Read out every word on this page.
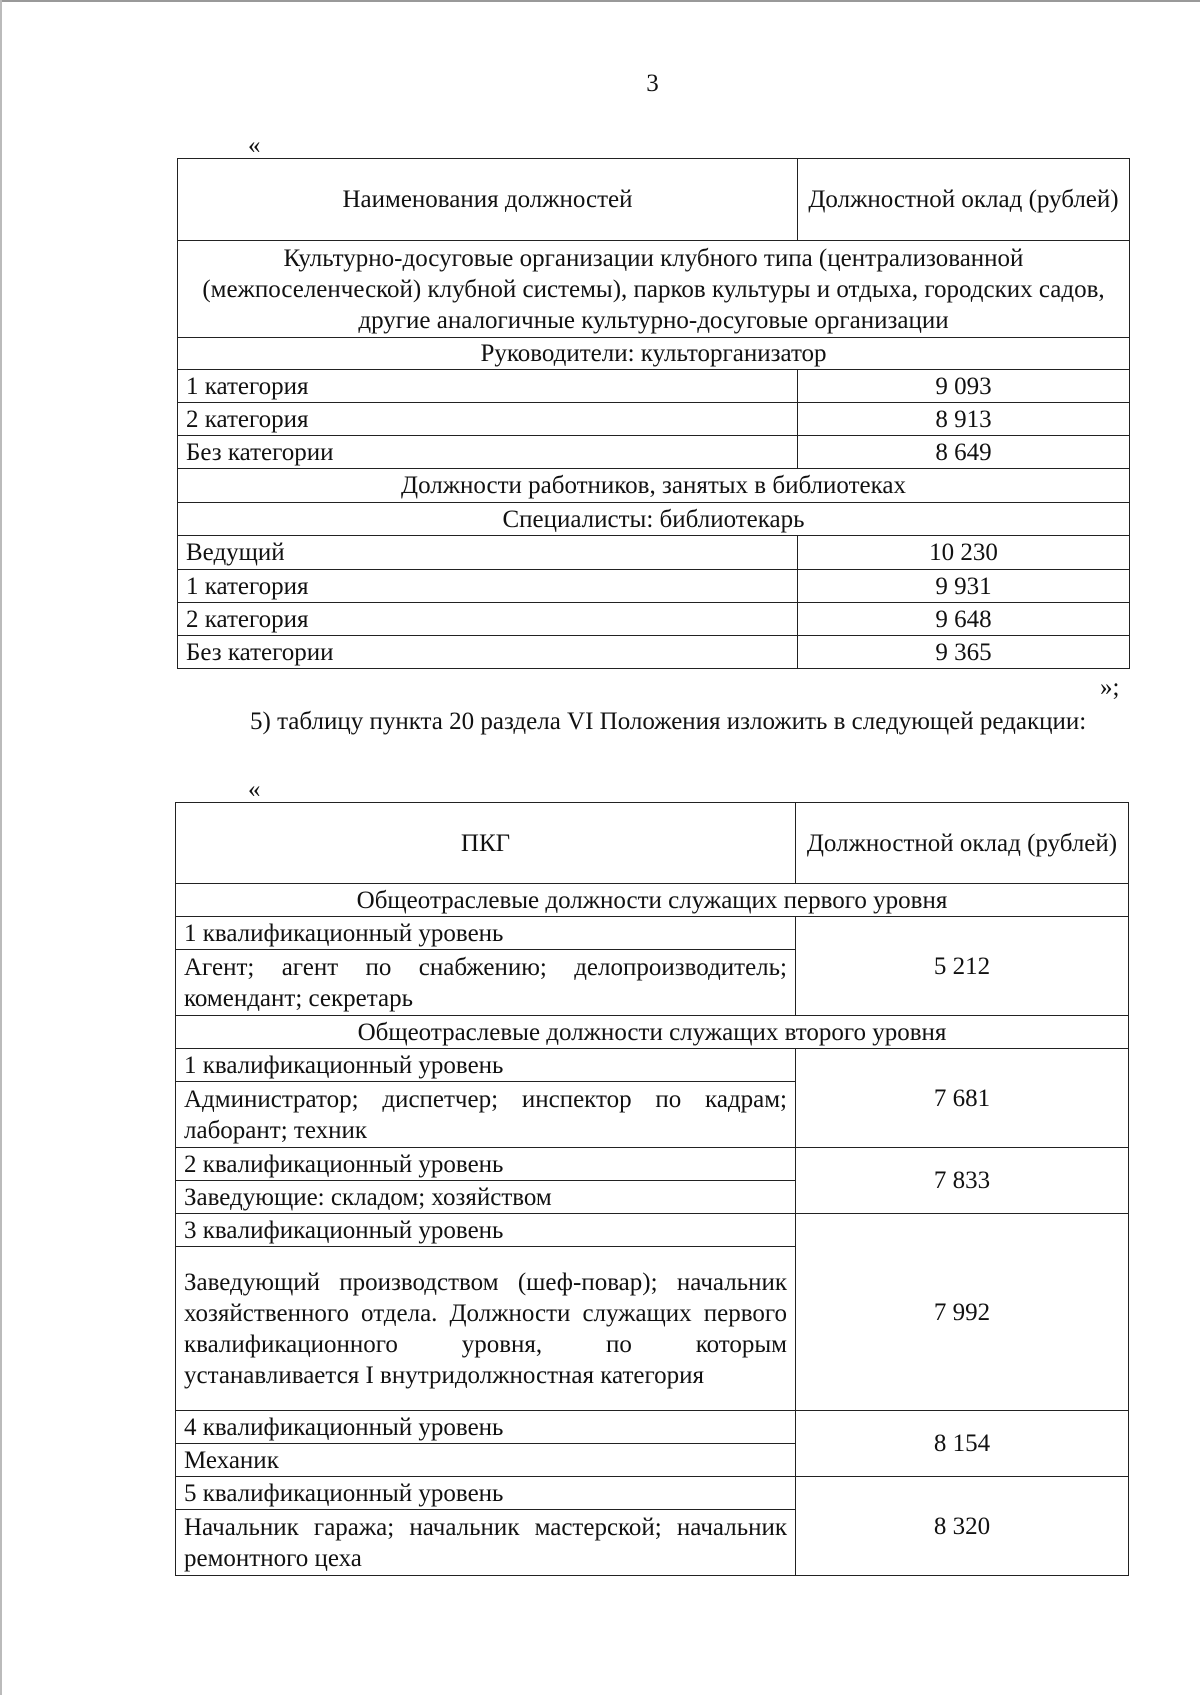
3
«
Наименования должностей	Должностной оклад (рублей)
Культурно-досуговые организации клубного типа (централизованной (межпоселенческой) клубной системы), парков культуры и отдыха, городских садов, другие аналогичные культурно-досуговые организации	
Руководители: культорганизатор	
1 категория	9 093
2 категория	8 913
Без категории	8 649
Должности работников, занятых в библиотеках	
Специалисты: библиотекарь	
Ведущий	10 230
1 категория	9 931
2 категория	9 648
Без категории	9 365
»;
5) таблицу пункта 20 раздела VI Положения изложить в следующей редакции:
«
ПКГ	Должностной оклад (рублей)
Общеотраслевые должности служащих первого уровня	
1 квалификационный уровень	5 212
Агент; агент по снабжению; делопроизводитель; комендант; секретарь	
Общеотраслевые должности служащих второго уровня	
1 квалификационный уровень	7 681
Администратор; диспетчер; инспектор по кадрам; лаборант; техник	
2 квалификационный уровень	7 833
Заведующие: складом; хозяйством	
3 квалификационный уровень	7 992
Заведующий производством (шеф-повар); начальник хозяйственного отдела. Должности служащих первого квалификационного уровня, по которым устанавливается I внутридолжностная категория	
4 квалификационный уровень	8 154
Механик	
5 квалификационный уровень	8 320
Начальник гаража; начальник мастерской; начальник ремонтного цеха	
